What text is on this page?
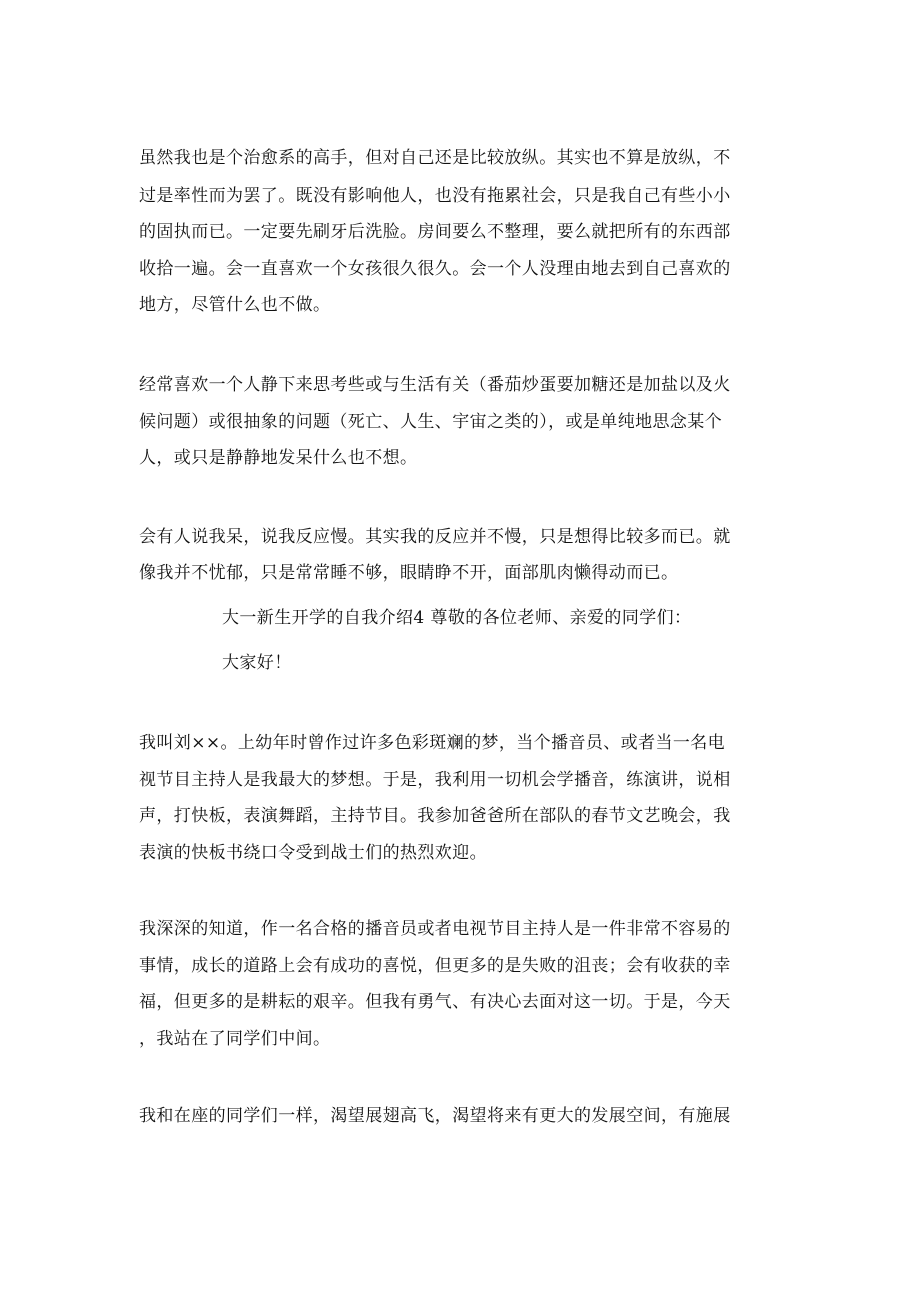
虽然我也是个治愈系的高手，但对自己还是比较放纵。其实也不算是放纵，不
过是率性而为罢了。既没有影响他人，也没有拖累社会，只是我自己有些小小
的固执而已。一定要先刷牙后洗脸。房间要么不整理，要么就把所有的东西部
收拾一遍。会一直喜欢一个女孩很久很久。会一个人没理由地去到自己喜欢的
地方，尽管什么也不做。
经常喜欢一个人静下来思考些或与生活有关（番茄炒蛋要加糖还是加盐以及火
候问题）或很抽象的问题（死亡、人生、宇宙之类的），或是单纯地思念某个
人，或只是静静地发呆什么也不想。
会有人说我呆，说我反应慢。其实我的反应并不慢，只是想得比较多而已。就
像我并不忧郁，只是常常睡不够，眼睛睁不开，面部肌肉懒得动而已。
大一新生开学的自我介绍4 尊敬的各位老师、亲爱的同学们：
大家好！
我叫刘××。上幼年时曾作过许多色彩斑斓的梦，当个播音员、或者当一名电
视节目主持人是我最大的梦想。于是，我利用一切机会学播音，练演讲，说相
声，打快板，表演舞蹈，主持节目。我参加爸爸所在部队的春节文艺晚会，我
表演的快板书绕口令受到战士们的热烈欢迎。
我深深的知道，作一名合格的播音员或者电视节目主持人是一件非常不容易的
事情，成长的道路上会有成功的喜悦，但更多的是失败的沮丧；会有收获的幸
福，但更多的是耕耘的艰辛。但我有勇气、有决心去面对这一切。于是，今天
，我站在了同学们中间。
我和在座的同学们一样，渴望展翅高飞，渴望将来有更大的发展空间，有施展
